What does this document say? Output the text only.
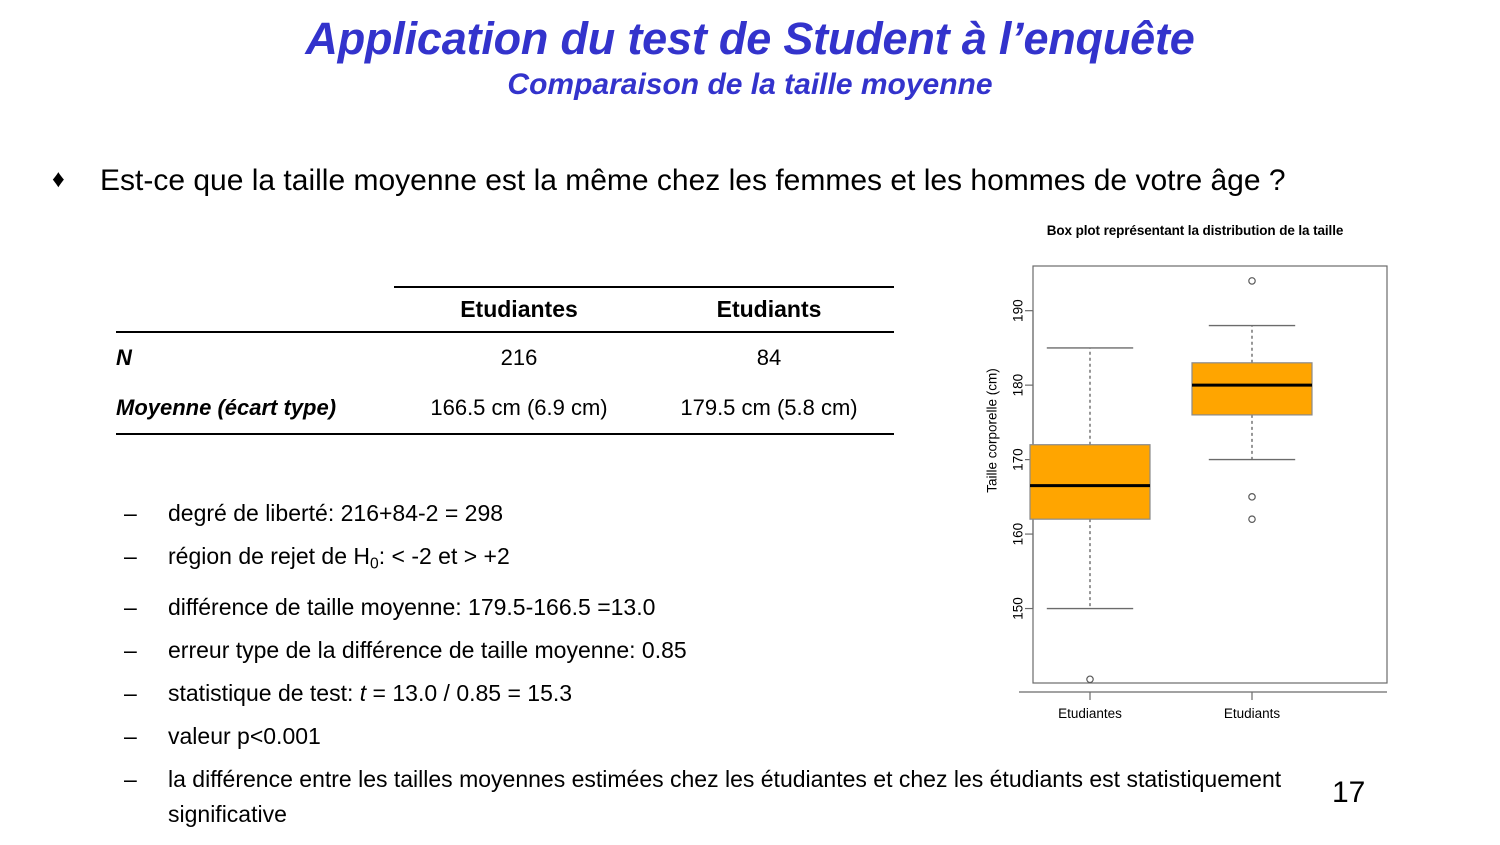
Application du test de Student à l’enquête
Comparaison de la taille moyenne
♦	Est-ce que la taille moyenne est la même chez les femmes et les hommes de votre âge ?
	Etudiantes	Etudiants
N	216	84
Moyenne (écart type)	166.5 cm (6.9 cm)	179.5 cm (5.8 cm)
–	degré de liberté: 216+84-2 = 298
–	région de rejet de $H_0$: < -2 et > +2
–	différence de taille moyenne: 179.5-166.5 =13.0
–	erreur type de la différence de taille moyenne: 0.85
–	statistique de test: t = 13.0 / 0.85 = 15.3
–	valeur p<0.001
–	la différence entre les tailles moyennes estimées chez les étudiantes et chez les étudiants est statistiquement significative
17
Box plot représentant la distribution de la taille
Taille corporelle (cm)
150
160
170
180
190
Etudiantes	Etudiants
